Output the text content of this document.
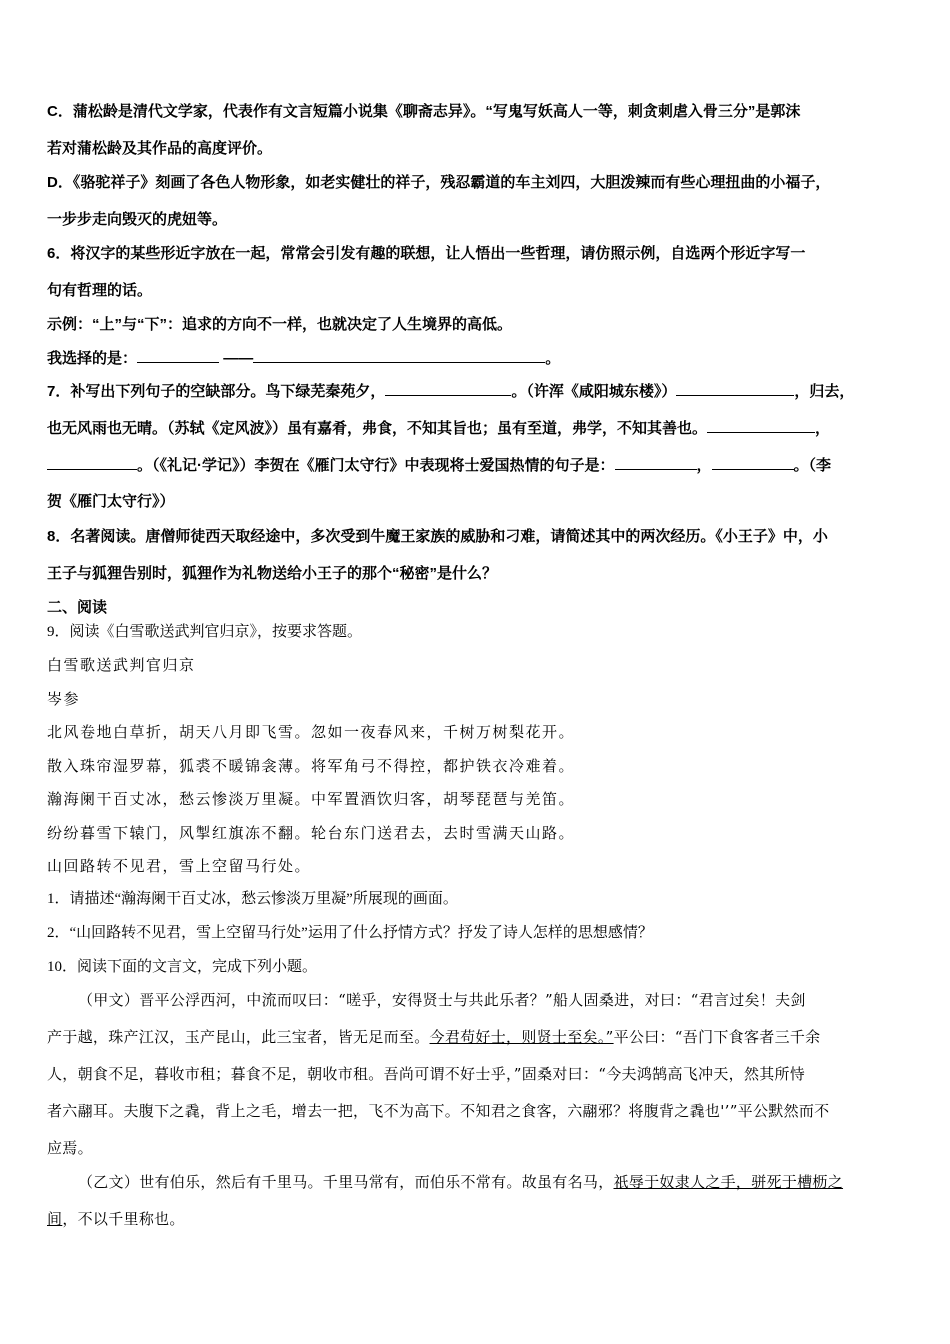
C．蒲松龄是清代文学家，代表作有文言短篇小说集《聊斋志异》。“写鬼写妖高人一等，刺贪刺虐入骨三分”是郭沫
若对蒲松龄及其作品的高度评价。
D．《骆驼祥子》刻画了各色人物形象，如老实健壮的祥子，残忍霸道的车主刘四，大胆泼辣而有些心理扭曲的小福子，
一步步走向毁灭的虎妞等。
6．将汉字的某些形近字放在一起，常常会引发有趣的联想，让人悟出一些哲理，请仿照示例，自选两个形近字写一
句有哲理的话。
示例：“上”与“下”：追求的方向不一样，也就决定了人生境界的高低。
我选择的是：	——	。
7．补写出下列句子的空缺部分。鸟下绿芜秦苑夕，	。（许浑《咸阳城东楼》）	，归去，
也无风雨也无晴。（苏轼《定风波》）虽有嘉肴，弗食，不知其旨也；虽有至道，弗学，不知其善也。	，
。（《礼记·学记》）李贺在《雁门太守行》中表现将士爱国热情的句子是：	，	。（李
贺《雁门太守行》）
8．名著阅读。唐僧师徒西天取经途中，多次受到牛魔王家族的威胁和刁难，请简述其中的两次经历。《小王子》中，小
王子与狐狸告别时，狐狸作为礼物送给小王子的那个“秘密”是什么？
二、阅读
9．阅读《白雪歌送武判官归京》，按要求答题。
白雪歌送武判官归京
岑参
北风卷地白草折，胡天八月即飞雪。忽如一夜春风来，千树万树梨花开。
散入珠帘湿罗幕，狐裘不暖锦衾薄。将军角弓不得控，都护铁衣冷难着。
瀚海阑干百丈冰，愁云惨淡万里凝。中军置酒饮归客，胡琴琵琶与羌笛。
纷纷暮雪下辕门，风掣红旗冻不翻。轮台东门送君去，去时雪满天山路。
山回路转不见君，雪上空留马行处。
1．请描述“瀚海阑干百丈冰，愁云惨淡万里凝”所展现的画面。
2．“山回路转不见君，雪上空留马行处”运用了什么抒情方式？抒发了诗人怎样的思想感情？
10．阅读下面的文言文，完成下列小题。
（甲文）晋平公浮西河，中流而叹曰：“嗟乎，安得贤士与共此乐者？”船人固桑进，对曰：“君言过矣！夫剑
产于越，珠产江汉，玉产昆山，此三宝者，皆无足而至。今君苟好士，则贤士至矣。”平公曰：“吾门下食客者三千余
人，朝食不足，暮收市租；暮食不足，朝收市租。吾尚可谓不好士乎，”固桑对曰：“今夫鸿鹄高飞冲天，然其所恃
者六翮耳。夫腹下之毳，背上之毛，增去一把，飞不为高下。不知君之食客，六翮邪？将腹背之毳也'’”平公默然而不
应焉。
（乙文）世有伯乐，然后有千里马。千里马常有，而伯乐不常有。故虽有名马，祇辱于奴隶人之手，骈死于槽枥之
间，不以千里称也。
